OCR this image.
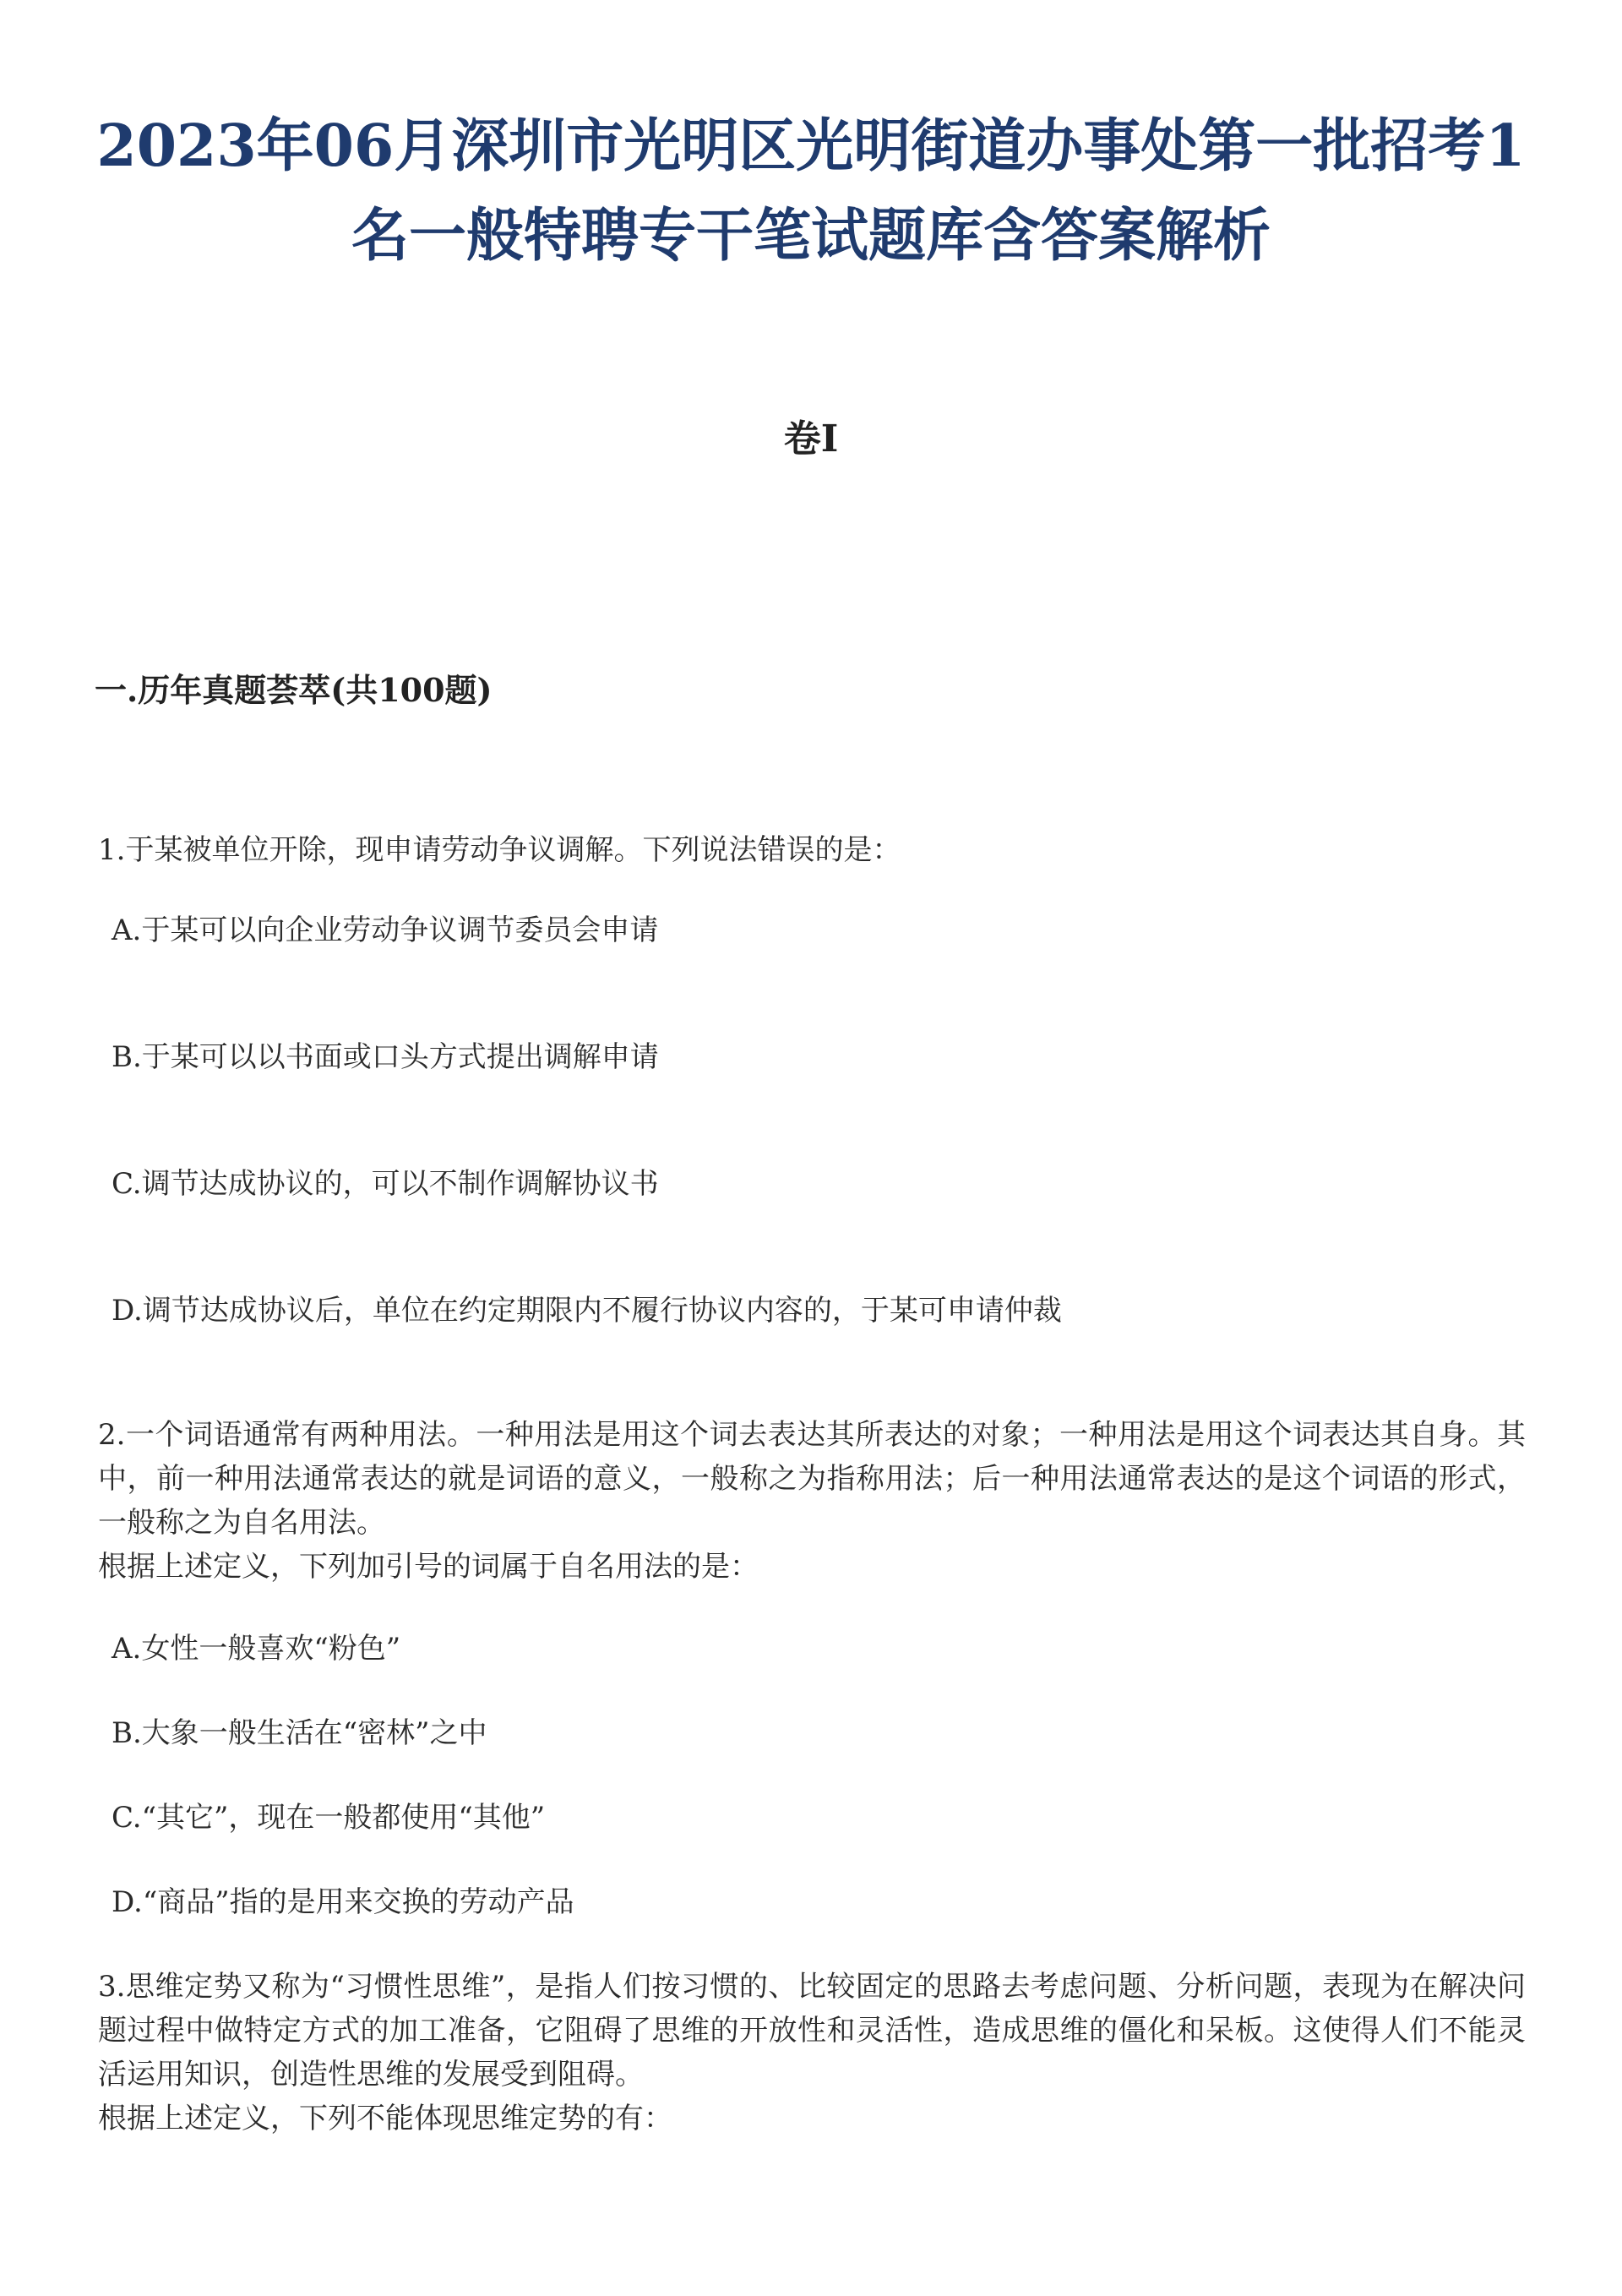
2023年06月深圳市光明区光明街道办事处第一批招考1名一般特聘专干笔试题库含答案解析
卷I
一.历年真题荟萃(共100题)
1.于某被单位开除，现申请劳动争议调解。下列说法错误的是：
A.于某可以向企业劳动争议调节委员会申请
B.于某可以以书面或口头方式提出调解申请
C.调节达成协议的，可以不制作调解协议书
D.调节达成协议后，单位在约定期限内不履行协议内容的，于某可申请仲裁
2.一个词语通常有两种用法。一种用法是用这个词去表达其所表达的对象；一种用法是用这个词表达其自身。其中，前一种用法通常表达的就是词语的意义，一般称之为指称用法；后一种用法通常表达的是这个词语的形式，一般称之为自名用法。
根据上述定义，下列加引号的词属于自名用法的是：
A.女性一般喜欢“粉色”
B.大象一般生活在“密林”之中
C.“其它”，现在一般都使用“其他”
D.“商品”指的是用来交换的劳动产品
3.思维定势又称为“习惯性思维”，是指人们按习惯的、比较固定的思路去考虑问题、分析问题，表现为在解决问题过程中做特定方式的加工准备，它阻碍了思维的开放性和灵活性，造成思维的僵化和呆板。这使得人们不能灵活运用知识，创造性思维的发展受到阻碍。
根据上述定义，下列不能体现思维定势的有：
